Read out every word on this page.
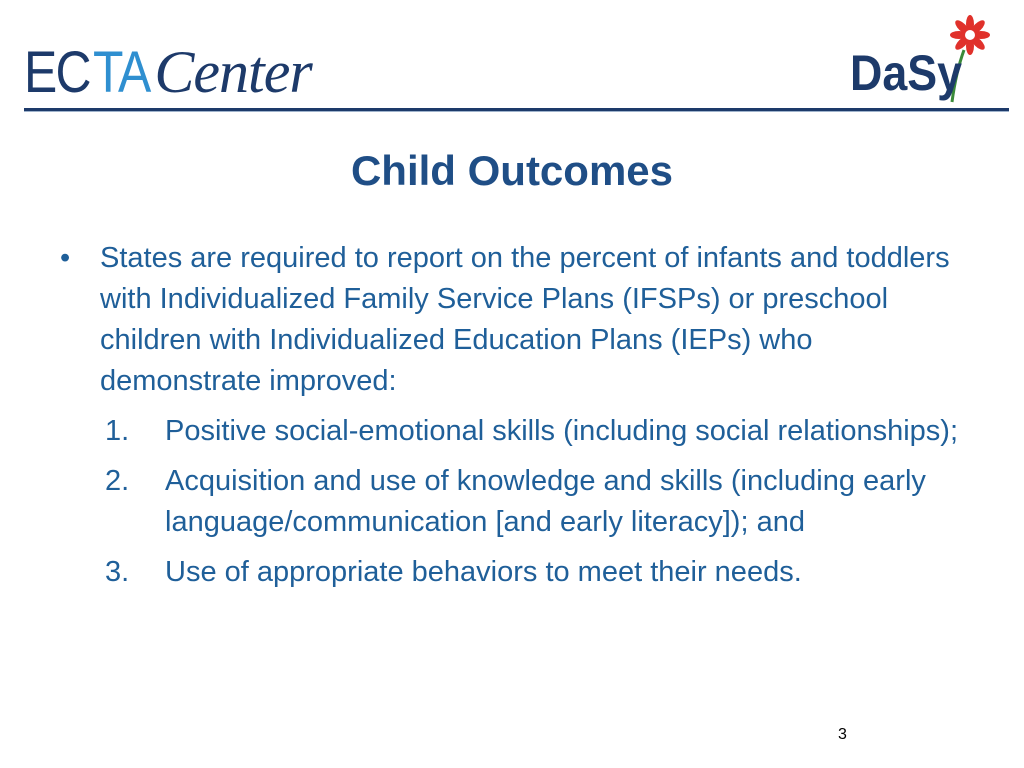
EC TA Center	DaSy
Child Outcomes
•	States are required to report on the percent of infants and toddlers with Individualized Family Service Plans (IFSPs) or preschool children with Individualized Education Plans (IEPs) who demonstrate improved:
1.	Positive social-emotional skills (including social relationships);
2.	Acquisition and use of knowledge and skills (including early language/communication [and early literacy]); and
3.	Use of appropriate behaviors to meet their needs.
3
